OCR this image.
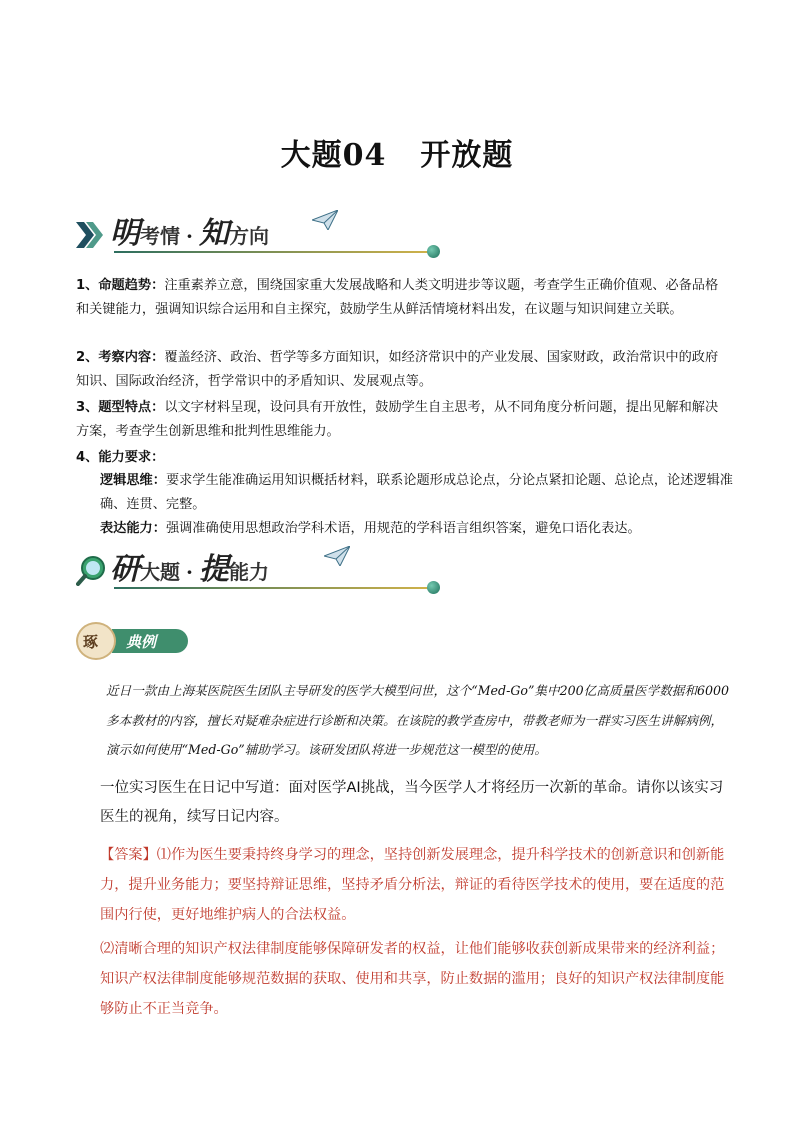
大题04 开放题
明考情 · 知方向

1、命题趋势：注重素养立意，围绕国家重大发展战略和人类文明进步等议题，考查学生正确价值观、必备品格和关键能力，强调知识综合运用和自主探究，鼓励学生从鲜活情境材料出发，在议题与知识间建立关联。

2、考察内容：覆盖经济、政治、哲学等多方面知识，如经济常识中的产业发展、国家财政，政治常识中的政府知识、国际政治经济，哲学常识中的矛盾知识、发展观点等。

3、题型特点：以文字材料呈现，设问具有开放性，鼓励学生自主思考，从不同角度分析问题，提出见解和解决方案，考查学生创新思维和批判性思维能力。

4、能力要求：

逻辑思维：要求学生能准确运用知识概括材料，联系论题形成总论点，分论点紧扣论题、总论点，论述逻辑准确、连贯、完整。

表达能力：强调准确使用思想政治学科术语，用规范的学科语言组织答案，避免口语化表达。

研大题 · 提能力
典例
琢

近日一款由上海某医院医生团队主导研发的医学大模型问世，这个“Med-Go”集中200亿高质量医学数据和6000多本教材的内容，擅长对疑难杂症进行诊断和决策。在该院的教学查房中，带教老师为一群实习医生讲解病例，演示如何使用“Med-Go”辅助学习。该研发团队将进一步规范这一模型的使用。

一位实习医生在日记中写道：面对医学AI挑战，当今医学人才将经历一次新的革命。请你以该实习医生的视角，续写日记内容。

【答案】⑴作为医生要秉持终身学习的理念，坚持创新发展理念，提升科学技术的创新意识和创新能力，提升业务能力；要坚持辩证思维，坚持矛盾分析法，辩证的看待医学技术的使用，要在适度的范围内行使，更好地维护病人的合法权益。

⑵清晰合理的知识产权法律制度能够保障研发者的权益，让他们能够收获创新成果带来的经济利益；知识产权法律制度能够规范数据的获取、使用和共享，防止数据的滥用；良好的知识产权法律制度能够防止不正当竞争。
